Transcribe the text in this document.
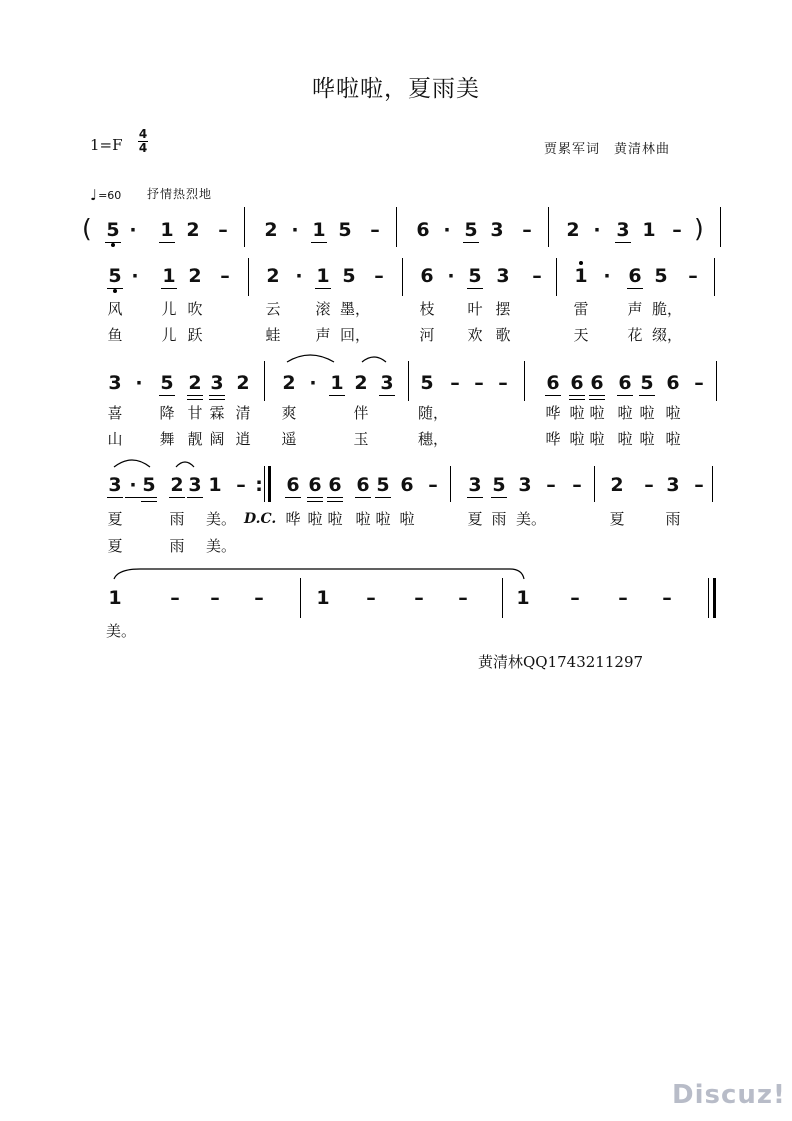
哗啦啦，夏雨美
1=F
4
4	贾累军词　黄清林曲
♩=60 抒情热烈地
5 · 1 2 – 2 · 1 5 – 6 · 5 3 – 2 · 3 1 –
(	)
5 · 1 2 – 2 · 1 5 – 6 · 5 3 – 1 · 6 5 –
风	儿 吹	云 滚 墨，	枝 叶 摆	雷	声 脆，
鱼	儿 跃	蛙 声 回，	河 欢 歌	天	花 缀，
3 · 5 2 3 2 2 · 1 2 3 5 – – – 6 6 6 6 5 6 –
喜 降 甘 霖 清 爽	伴	随，	哗 啦 啦 啦 啦 啦
山 舞 靓 阔 逍 遥	玉	穗，	哗 啦 啦 啦 啦 啦
3 · 5 2 3 1 – : 6 6 6 6 5 6 – 3 5 3 – – 2 – 3 –
夏	雨 美。	哗 啦 啦 啦 啦 啦	夏 雨 美。	夏	雨
夏	雨 美。
D.C.
1	– – –	1 – – –	1 – – –
美。
黄清林QQ1743211297
Discuz!
